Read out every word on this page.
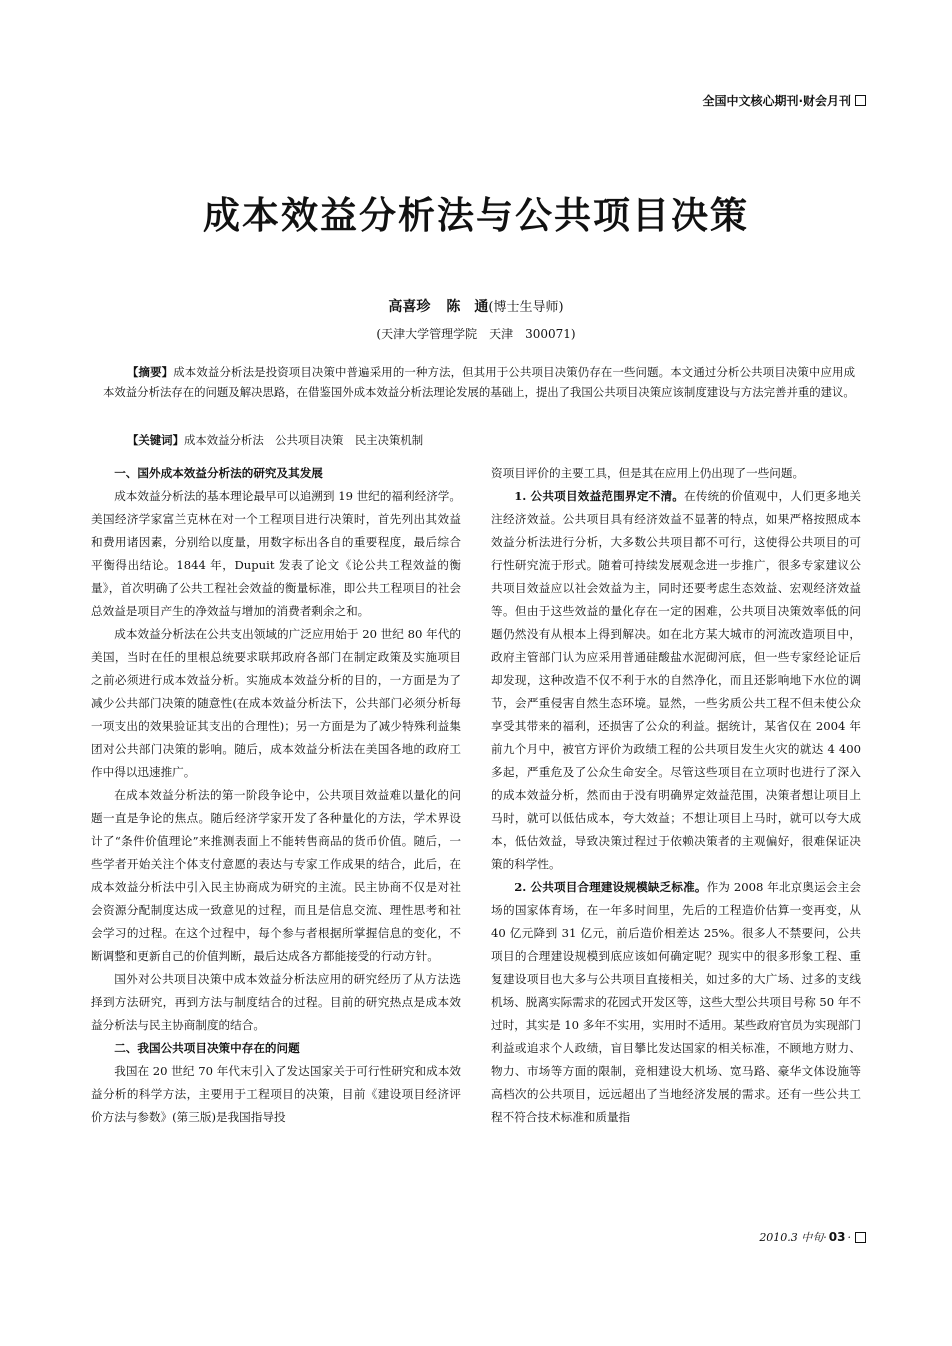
全国中文核心期刊·财会月刊
成本效益分析法与公共项目决策
高喜珍 陈　通(博士生导师)
(天津大学管理学院　天津　300071)

【摘要】成本效益分析法是投资项目决策中普遍采用的一种方法，但其用于公共项目决策仍存在一些问题。本文通过分析公共项目决策中应用成本效益分析法存在的问题及解决思路，在借鉴国外成本效益分析法理论发展的基础上，提出了我国公共项目决策应该制度建设与方法完善并重的建议。

【关键词】成本效益分析法　公共项目决策　民主决策机制

一、国外成本效益分析法的研究及其发展

成本效益分析法的基本理论最早可以追溯到 19 世纪的福利经济学。美国经济学家富兰克林在对一个工程项目进行决策时，首先列出其效益和费用诸因素，分别给以度量，用数字标出各自的重要程度，最后综合平衡得出结论。1844 年，Dupuit 发表了论文《论公共工程效益的衡量》，首次明确了公共工程社会效益的衡量标准，即公共工程项目的社会总效益是项目产生的净效益与增加的消费者剩余之和。

成本效益分析法在公共支出领域的广泛应用始于 20 世纪 80 年代的美国，当时在任的里根总统要求联邦政府各部门在制定政策及实施项目之前必须进行成本效益分析。实施成本效益分析的目的，一方面是为了减少公共部门决策的随意性(在成本效益分析法下，公共部门必须分析每一项支出的效果验证其支出的合理性)；另一方面是为了减少特殊利益集团对公共部门决策的影响。随后，成本效益分析法在美国各地的政府工作中得以迅速推广。

在成本效益分析法的第一阶段争论中，公共项目效益难以量化的问题一直是争论的焦点。随后经济学家开发了各种量化的方法，学术界设计了“条件价值理论”来推测表面上不能转售商品的货币价值。随后，一些学者开始关注个体支付意愿的表达与专家工作成果的结合，此后，在成本效益分析法中引入民主协商成为研究的主流。民主协商不仅是对社会资源分配制度达成一致意见的过程，而且是信息交流、理性思考和社会学习的过程。在这个过程中，每个参与者根据所掌握信息的变化，不断调整和更新自己的价值判断，最后达成各方都能接受的行动方针。

国外对公共项目决策中成本效益分析法应用的研究经历了从方法选择到方法研究，再到方法与制度结合的过程。目前的研究热点是成本效益分析法与民主协商制度的结合。

二、我国公共项目决策中存在的问题

我国在 20 世纪 70 年代末引入了发达国家关于可行性研究和成本效益分析的科学方法，主要用于工程项目的决策，目前《建设项目经济评价方法与参数》(第三版)是我国指导投

资项目评价的主要工具，但是其在应用上仍出现了一些问题。

1. 公共项目效益范围界定不清。在传统的价值观中，人们更多地关注经济效益。公共项目具有经济效益不显著的特点，如果严格按照成本效益分析法进行分析，大多数公共项目都不可行，这使得公共项目的可行性研究流于形式。随着可持续发展观念进一步推广，很多专家建议公共项目效益应以社会效益为主，同时还要考虑生态效益、宏观经济效益等。但由于这些效益的量化存在一定的困难，公共项目决策效率低的问题仍然没有从根本上得到解决。如在北方某大城市的河流改造项目中，政府主管部门认为应采用普通硅酸盐水泥砌河底，但一些专家经论证后却发现，这种改造不仅不利于水的自然净化，而且还影响地下水位的调节，会严重侵害自然生态环境。显然，一些劣质公共工程不但未使公众享受其带来的福利，还损害了公众的利益。据统计，某省仅在 2004 年前九个月中，被官方评价为政绩工程的公共项目发生火灾的就达 4 400 多起，严重危及了公众生命安全。尽管这些项目在立项时也进行了深入的成本效益分析，然而由于没有明确界定效益范围，决策者想让项目上马时，就可以低估成本，夸大效益；不想让项目上马时，就可以夸大成本，低估效益，导致决策过程过于依赖决策者的主观偏好，很难保证决策的科学性。

2. 公共项目合理建设规模缺乏标准。作为 2008 年北京奥运会主会场的国家体育场，在一年多时间里，先后的工程造价估算一变再变，从 40 亿元降到 31 亿元，前后造价相差达 25%。很多人不禁要问，公共项目的合理建设规模到底应该如何确定呢？现实中的很多形象工程、重复建设项目也大多与公共项目直接相关，如过多的大广场、过多的支线机场、脱离实际需求的花园式开发区等，这些大型公共项目号称 50 年不过时，其实是 10 多年不实用，实用时不适用。某些政府官员为实现部门利益或追求个人政绩，盲目攀比发达国家的相关标准，不顾地方财力、物力、市场等方面的限制，竞相建设大机场、宽马路、豪华文体设施等高档次的公共项目，远远超出了当地经济发展的需求。还有一些公共工程不符合技术标准和质量指

2010.3 中旬· 03 ·
